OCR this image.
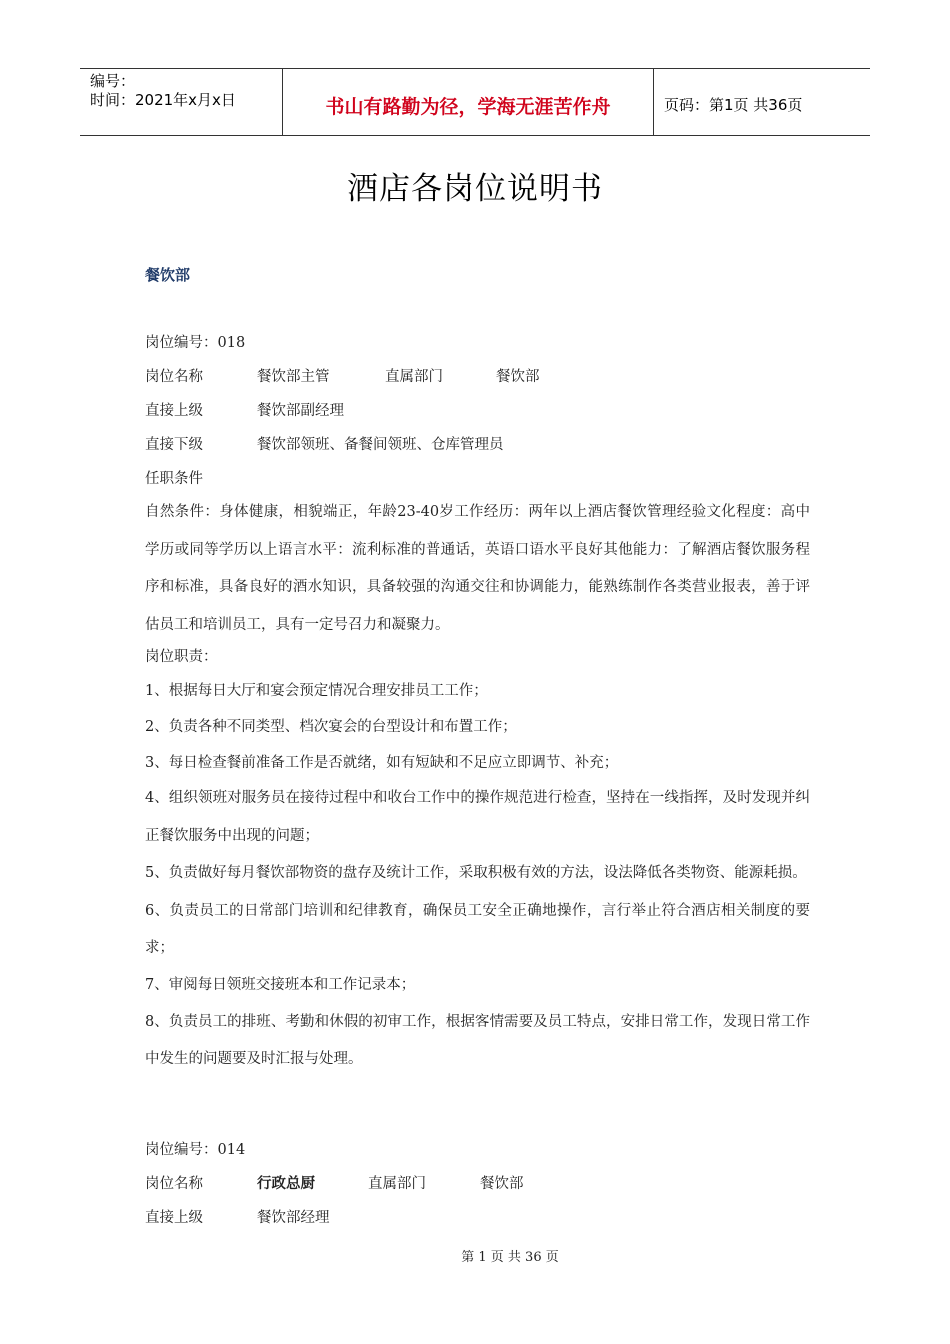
编号：
时间：2021年x月x日	书山有路勤为径，学海无涯苦作舟	页码：第1页 共36页
酒店各岗位说明书
餐饮部
岗位编号：018
岗位名称	餐饮部主管	直属部门	餐饮部
直接上级	餐饮部副经理
直接下级	餐饮部领班、备餐间领班、仓库管理员
任职条件
自然条件：身体健康，相貌端正，年龄23-40岁工作经历：两年以上酒店餐饮管理经验文化程度：高中学历或同等学历以上语言水平：流利标准的普通话，英语口语水平良好其他能力：了解酒店餐饮服务程序和标准，具备良好的酒水知识，具备较强的沟通交往和协调能力，能熟练制作各类营业报表，善于评估员工和培训员工，具有一定号召力和凝聚力。
岗位职责：
1、根据每日大厅和宴会预定情况合理安排员工工作；
2、负责各种不同类型、档次宴会的台型设计和布置工作；
3、每日检查餐前准备工作是否就绪，如有短缺和不足应立即调节、补充；
4、组织领班对服务员在接待过程中和收台工作中的操作规范进行检查，坚持在一线指挥，及时发现并纠正餐饮服务中出现的问题；
5、负责做好每月餐饮部物资的盘存及统计工作，采取积极有效的方法，设法降低各类物资、能源耗损。
6、负责员工的日常部门培训和纪律教育，确保员工安全正确地操作，言行举止符合酒店相关制度的要求；
7、审阅每日领班交接班本和工作记录本；
8、负责员工的排班、考勤和休假的初审工作，根据客情需要及员工特点，安排日常工作，发现日常工作中发生的问题要及时汇报与处理。
岗位编号：014
岗位名称	行政总厨	直属部门	餐饮部
直接上级	餐饮部经理
第 1 页 共 36 页
